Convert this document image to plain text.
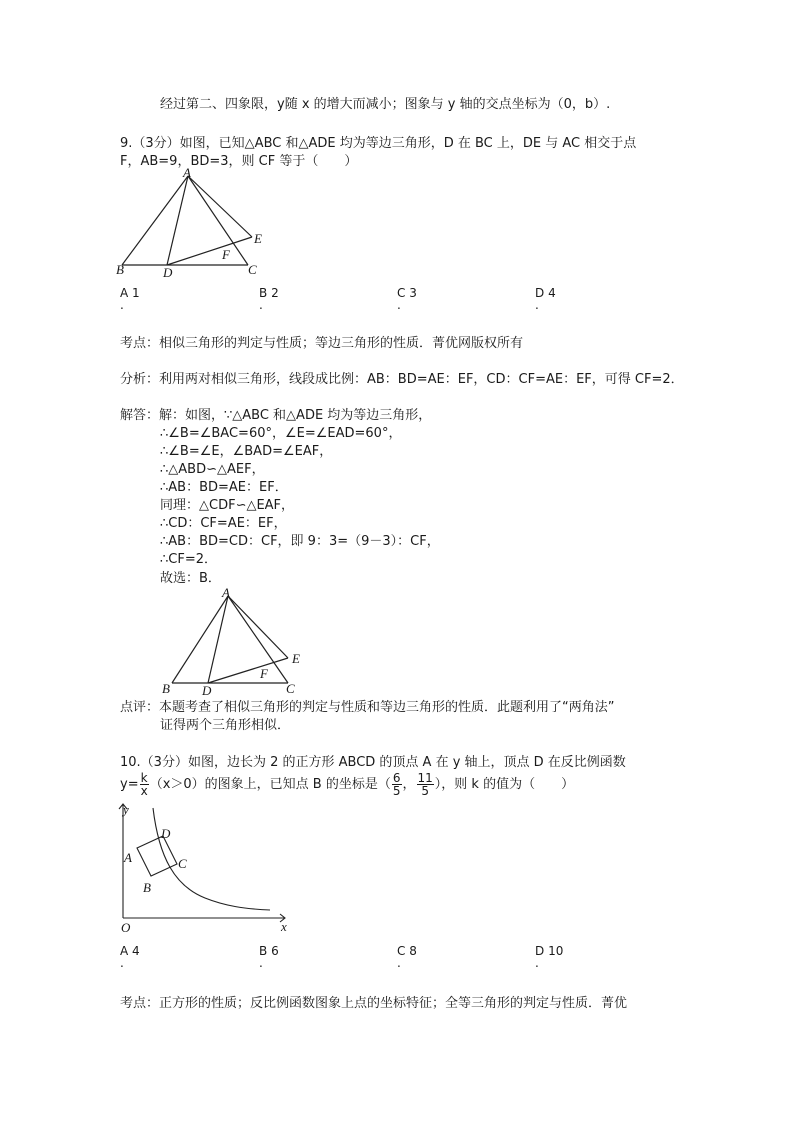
经过第二、四象限，y随 x 的增大而减小；图象与 y 轴的交点坐标为（0，b）.
9.（3分）如图，已知△ABC 和△ADE 均为等边三角形，D 在 BC 上，DE 与 AC 相交于点
F，AB=9，BD=3，则 CF 等于（　　）
A
B	C
D
E
F
A 1
.
B 2
.
C 3
.
D 4
.
考点：相似三角形的判定与性质；等边三角形的性质．菁优网版权所有
分析：利用两对相似三角形，线段成比例：AB：BD=AE：EF，CD：CF=AE：EF，可得 CF=2．
解答：解：如图，∵△ABC 和△ADE 均为等边三角形，
∴∠B=∠BAC=60°，∠E=∠EAD=60°，
∴∠B=∠E，∠BAD=∠EAF，
∴△ABD∽△AEF，
∴AB：BD=AE：EF．
同理：△CDF∽△EAF，
∴CD：CF=AE：EF，
∴AB：BD=CD：CF，即 9：3=（9－3）：CF，
∴CF=2．
故选：B．
A
B	C
D
E
F
点评：本题考查了相似三角形的判定与性质和等边三角形的性质．此题利用了“两角法”
证得两个三角形相似．
10.（3分）如图，边长为 2 的正方形 ABCD 的顶点 A 在 y 轴上，顶点 D 在反比例函数
$y= \frac{k}{x} (x>0)$的图象上，已知点 B 的坐标是（ $\frac{6}{5}$ ， $\frac{11}{5}$ ），则 k 的值为（　　）
y
x
O
A
B
C
D
A 4
.
B 6
.
C 8
.
D 10
.
考点：正方形的性质；反比例函数图象上点的坐标特征；全等三角形的判定与性质．菁优
